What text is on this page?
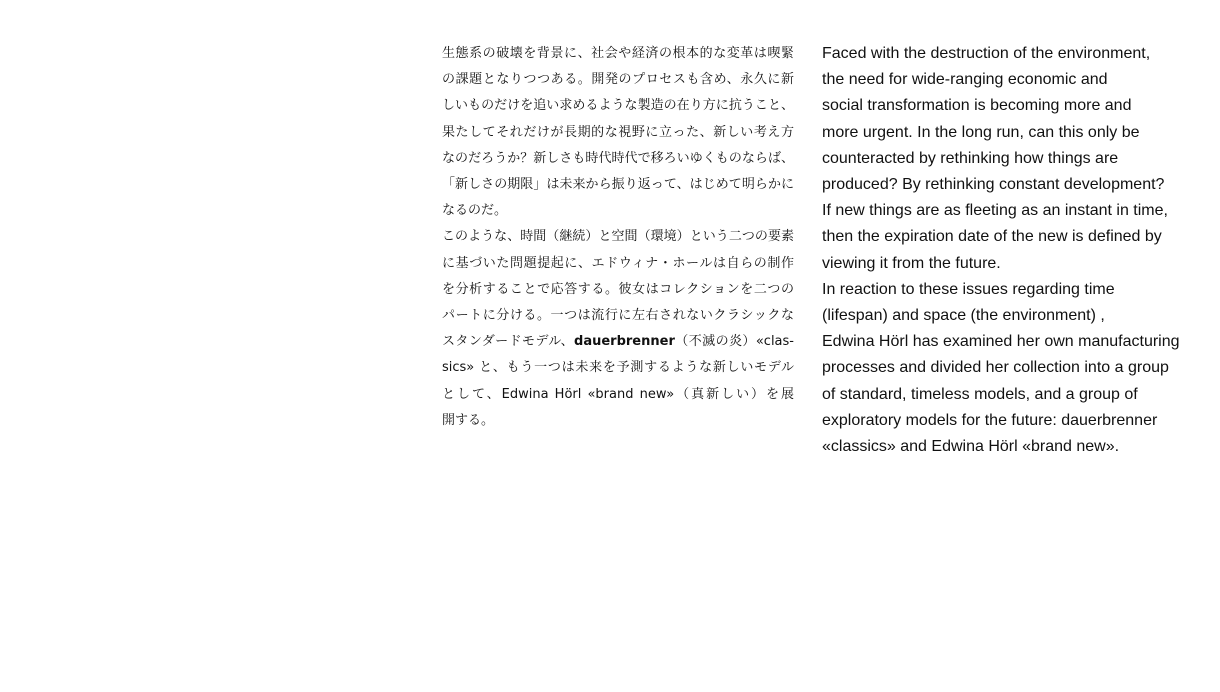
生態系の破壊を背景に、社会や経済の根本的な変革は喫緊
の課題となりつつある。開発のプロセスも含め、永久に新
しいものだけを追い求めるような製造の在り方に抗うこと、
果たしてそれだけが長期的な視野に立った、新しい考え方
なのだろうか？新しさも時代時代で移ろいゆくものならば、
「新しさの期限」は未来から振り返って、はじめて明らかに
なるのだ。
このような、時間（継続）と空間（環境）という二つの要素
に基づいた問題提起に、エドウィナ・ホールは自らの制作
を分析することで応答する。彼女はコレクションを二つの
パートに分ける。一つは流行に左右されないクラシックな
スタンダードモデル、dauerbrenner（不滅の炎）«clas-
sics» と、もう一つは未来を予測するような新しいモデル
として、Edwina Hörl «brand new»（真新しい）を展
開する。
Faced with the destruction of the environment,
the need for wide-ranging economic and
social transformation is becoming more and
more urgent. In the long run, can this only be
counteracted by rethinking how things are
produced? By rethinking constant development?
If new things are as fleeting as an instant in time,
then the expiration date of the new is defined by
viewing it from the future.
In reaction to these issues regarding time
(lifespan) and space (the environment) ,
Edwina Hörl has examined her own manufacturing
processes and divided her collection into a group
of standard, timeless models, and a group of
exploratory models for the future: dauerbrenner
«classics» and Edwina Hörl «brand new».
